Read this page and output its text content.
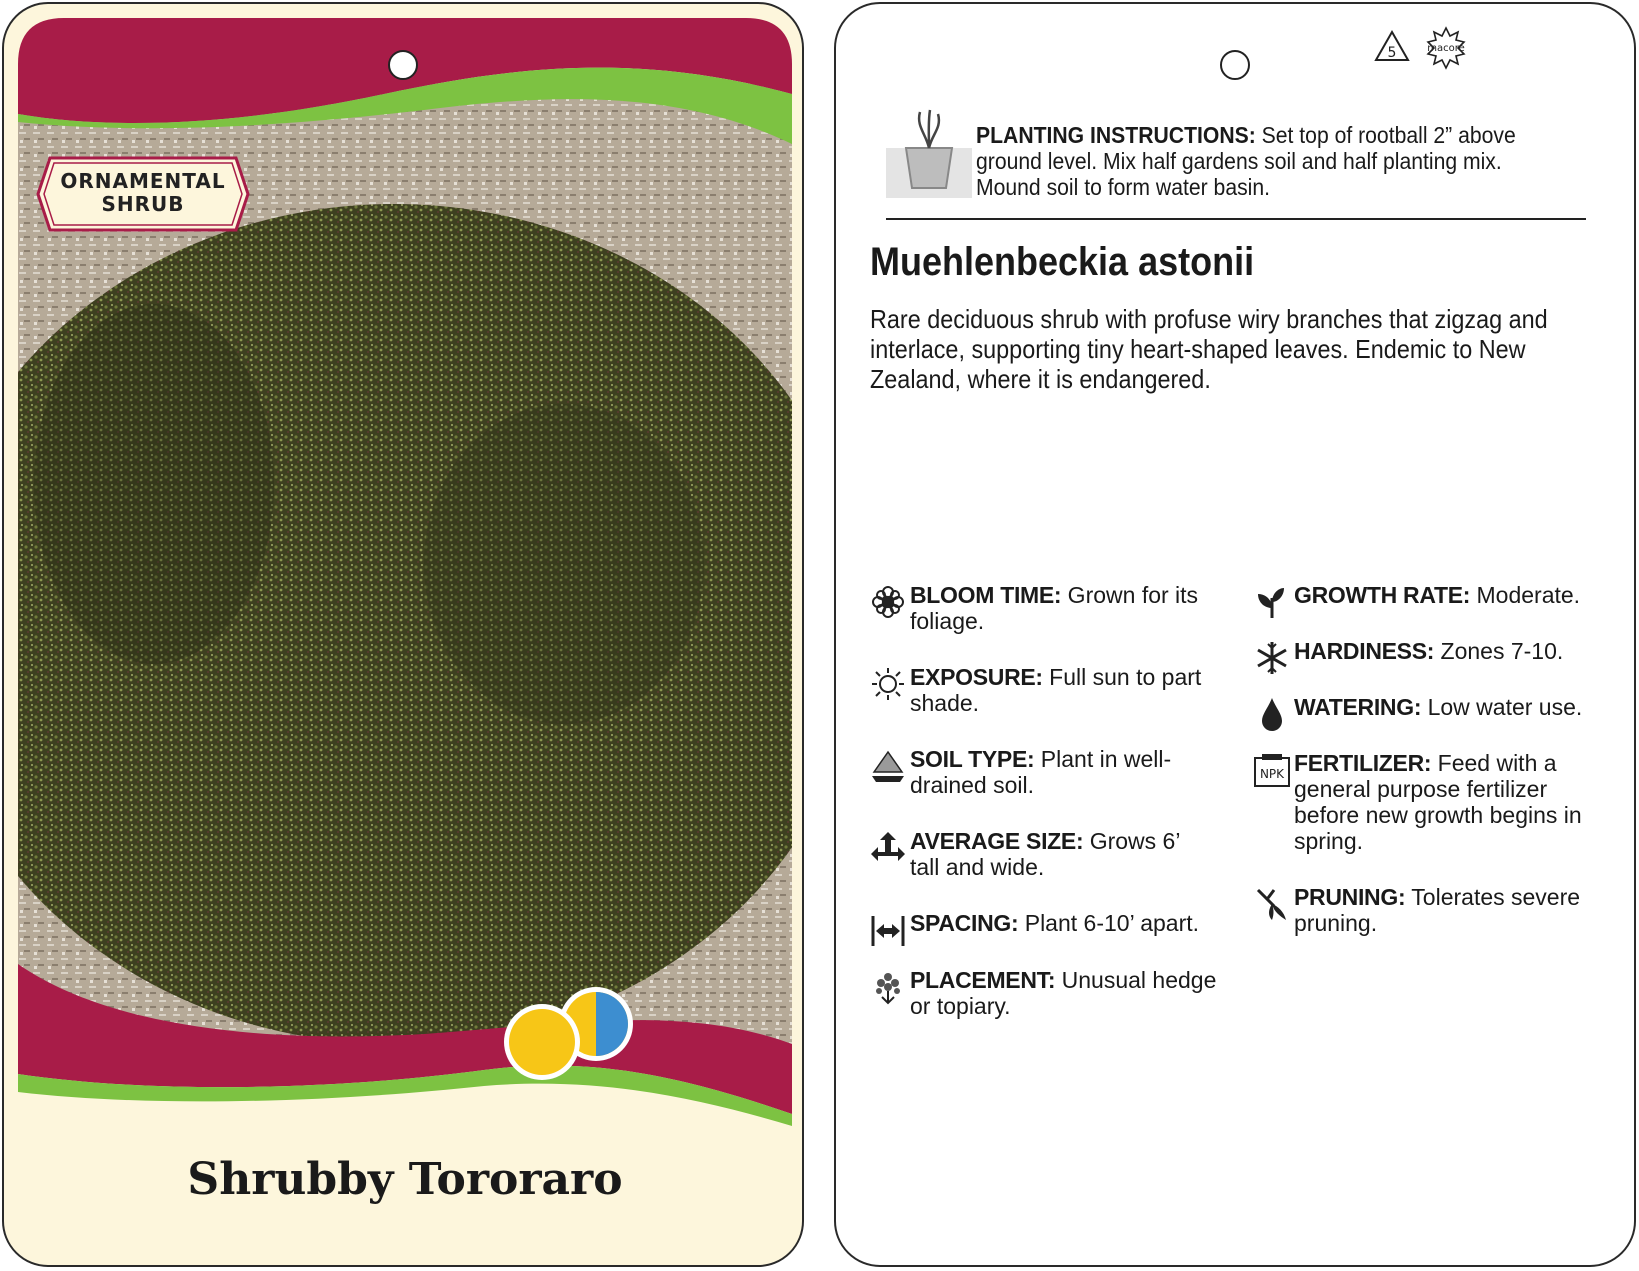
ORNAMENTAL
SHRUB
Shrubby Tororaro
5	macore
PLANTING INSTRUCTIONS: Set top of rootball 2” above ground level. Mix half gardens soil and half planting mix. Mound soil to form water basin.
Muehlenbeckia astonii
Rare deciduous shrub with profuse wiry branches that zigzag and interlace, supporting tiny heart-shaped leaves. Endemic to New Zealand, where it is endangered.
BLOOM TIME: Grown for its foliage.
EXPOSURE: Full sun to part shade.
SOIL TYPE: Plant in well-drained soil.
AVERAGE SIZE: Grows 6’ tall and wide.
SPACING: Plant 6-10’ apart.
PLACEMENT: Unusual hedge or topiary.
GROWTH RATE: Moderate.
HARDINESS: Zones 7-10.
WATERING: Low water use.
NPK FERTILIZER: Feed with a general purpose fertilizer before new growth begins in spring.
PRUNING: Tolerates severe pruning.
